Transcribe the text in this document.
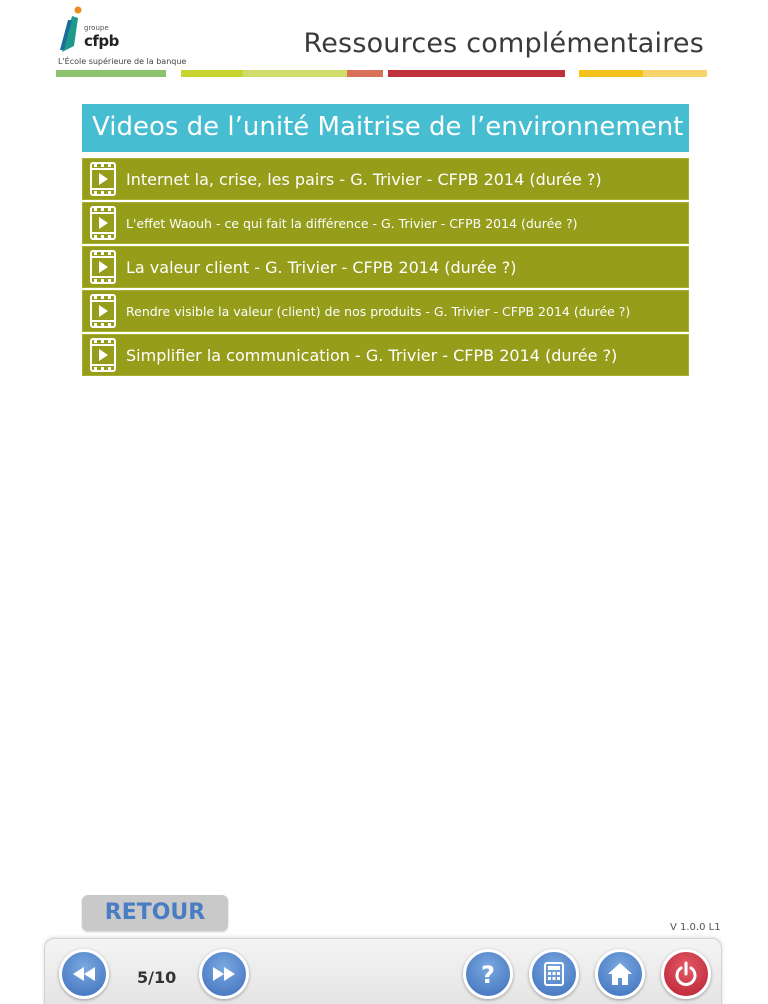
groupe
cfpb
L'École supérieure de la banque
Ressources complémentaires
Videos de l’unité Maitrise de l’environnement
Internet la, crise, les pairs - G. Trivier - CFPB 2014 (durée ?)
L'effet Waouh - ce qui fait la différence - G. Trivier - CFPB 2014 (durée ?)
La valeur client - G. Trivier - CFPB 2014 (durée ?)
Rendre visible la valeur (client) de nos produits - G. Trivier - CFPB 2014 (durée ?)
Simplifier la communication - G. Trivier - CFPB 2014 (durée ?)
RETOUR
V 1.0.0 L1
5/10	?
